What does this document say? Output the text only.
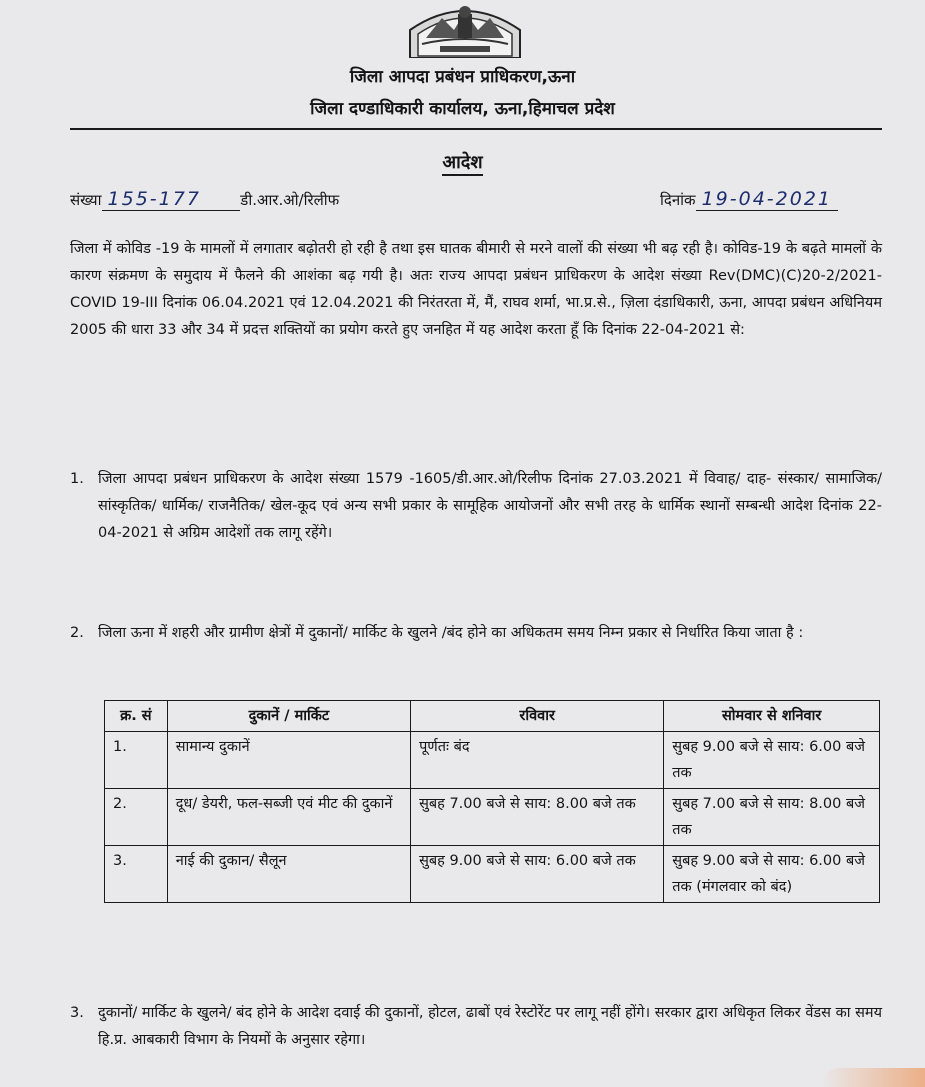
जिला आपदा प्रबंधन प्राधिकरण,ऊना
जिला दण्डाधिकारी कार्यालय, ऊना,हिमाचल प्रदेश
आदेश
संख्या 155-177	डी.आर.ओ/रिलीफ	दिनांक 19-04-2021
जिला में कोविड -19 के मामलों में लगातार बढ़ोतरी हो रही है तथा इस घातक बीमारी से मरने वालों की संख्या भी बढ़ रही है। कोविड-19 के बढ़ते मामलों के कारण संक्रमण के समुदाय में फैलने की आशंका बढ़ गयी है। अतः राज्य आपदा प्रबंधन प्राधिकरण के आदेश संख्या Rev(DMC)(C)20-2/2021-COVID 19-III दिनांक 06.04.2021 एवं 12.04.2021 की निरंतरता में, मैं, राघव शर्मा, भा.प्र.से., ज़िला दंडाधिकारी, ऊना, आपदा प्रबंधन अधिनियम 2005 की धारा 33 और 34 में प्रदत्त शक्तियों का प्रयोग करते हुए जनहित में यह आदेश करता हूँ कि दिनांक 22-04-2021 से:
1. जिला आपदा प्रबंधन प्राधिकरण के आदेश संख्या 1579 -1605/डी.आर.ओ/रिलीफ दिनांक 27.03.2021 में विवाह/ दाह- संस्कार/ सामाजिक/ सांस्कृतिक/ धार्मिक/ राजनैतिक/ खेल-कूद एवं अन्य सभी प्रकार के सामूहिक आयोजनों और सभी तरह के धार्मिक स्थानों सम्बन्धी आदेश दिनांक 22-04-2021 से अग्रिम आदेशों तक लागू रहेंगे।
2. जिला ऊना में शहरी और ग्रामीण क्षेत्रों में दुकानों/ मार्किट के खुलने /बंद होने का अधिकतम समय निम्न प्रकार से निर्धारित किया जाता है :
क्र. सं	दुकानें / मार्किट	रविवार	सोमवार से शनिवार
1.	सामान्य दुकानें	पूर्णतः बंद	सुबह 9.00 बजे से साय: 6.00 बजे तक
2.	दूध/ डेयरी, फल-सब्जी एवं मीट की दुकानें	सुबह 7.00 बजे से साय: 8.00 बजे तक	सुबह 7.00 बजे से साय: 8.00 बजे तक
3.	नाई की दुकान/ सैलून	सुबह 9.00 बजे से साय: 6.00 बजे तक	सुबह 9.00 बजे से साय: 6.00 बजे तक (मंगलवार को बंद)
3. दुकानों/ मार्किट के खुलने/ बंद होने के आदेश दवाई की दुकानों, होटल, ढाबों एवं रेस्टोरेंट पर लागू नहीं होंगे। सरकार द्वारा अधिकृत लिकर वेंडस का समय हि.प्र. आबकारी विभाग के नियमों के अनुसार रहेगा।
